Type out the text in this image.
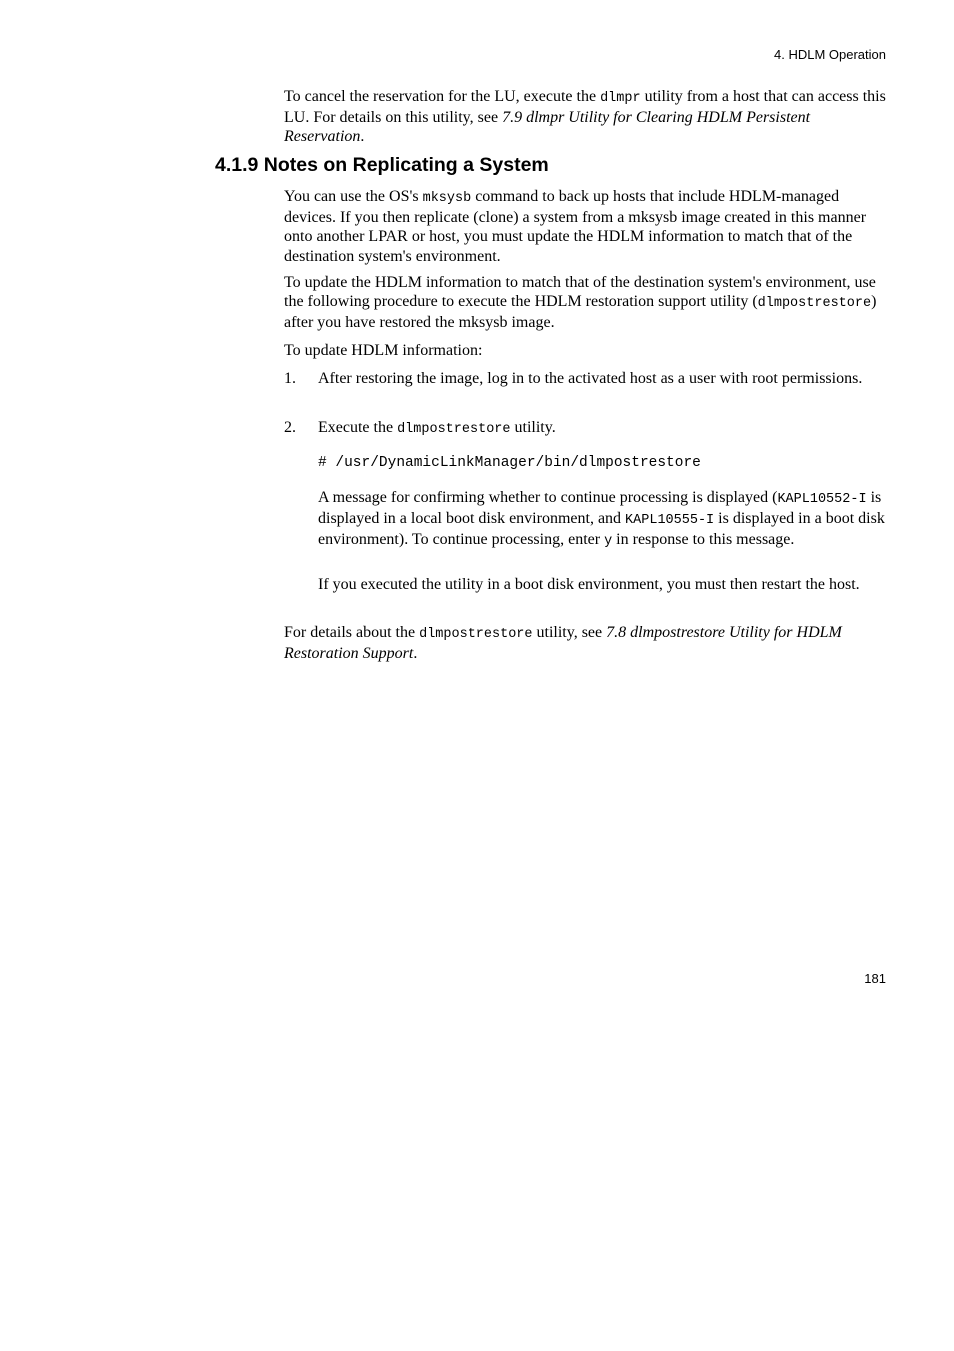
4. HDLM Operation

To cancel the reservation for the LU, execute the dlmpr utility from a host that can access this LU. For details on this utility, see 7.9 dlmpr Utility for Clearing HDLM Persistent Reservation.

4.1.9 Notes on Replicating a System

You can use the OS's mksysb command to back up hosts that include HDLM-managed devices. If you then replicate (clone) a system from a mksysb image created in this manner onto another LPAR or host, you must update the HDLM information to match that of the destination system's environment.

To update the HDLM information to match that of the destination system's environment, use the following procedure to execute the HDLM restoration support utility (dlmpostrestore) after you have restored the mksysb image.

To update HDLM information:

1. After restoring the image, log in to the activated host as a user with root permissions.

2. Execute the dlmpostrestore utility.

# /usr/DynamicLinkManager/bin/dlmpostrestore

A message for confirming whether to continue processing is displayed (KAPL10552-I is displayed in a local boot disk environment, and KAPL10555-I is displayed in a boot disk environment). To continue processing, enter y in response to this message.

If you executed the utility in a boot disk environment, you must then restart the host.

For details about the dlmpostrestore utility, see 7.8 dlmpostrestore Utility for HDLM Restoration Support.

181
